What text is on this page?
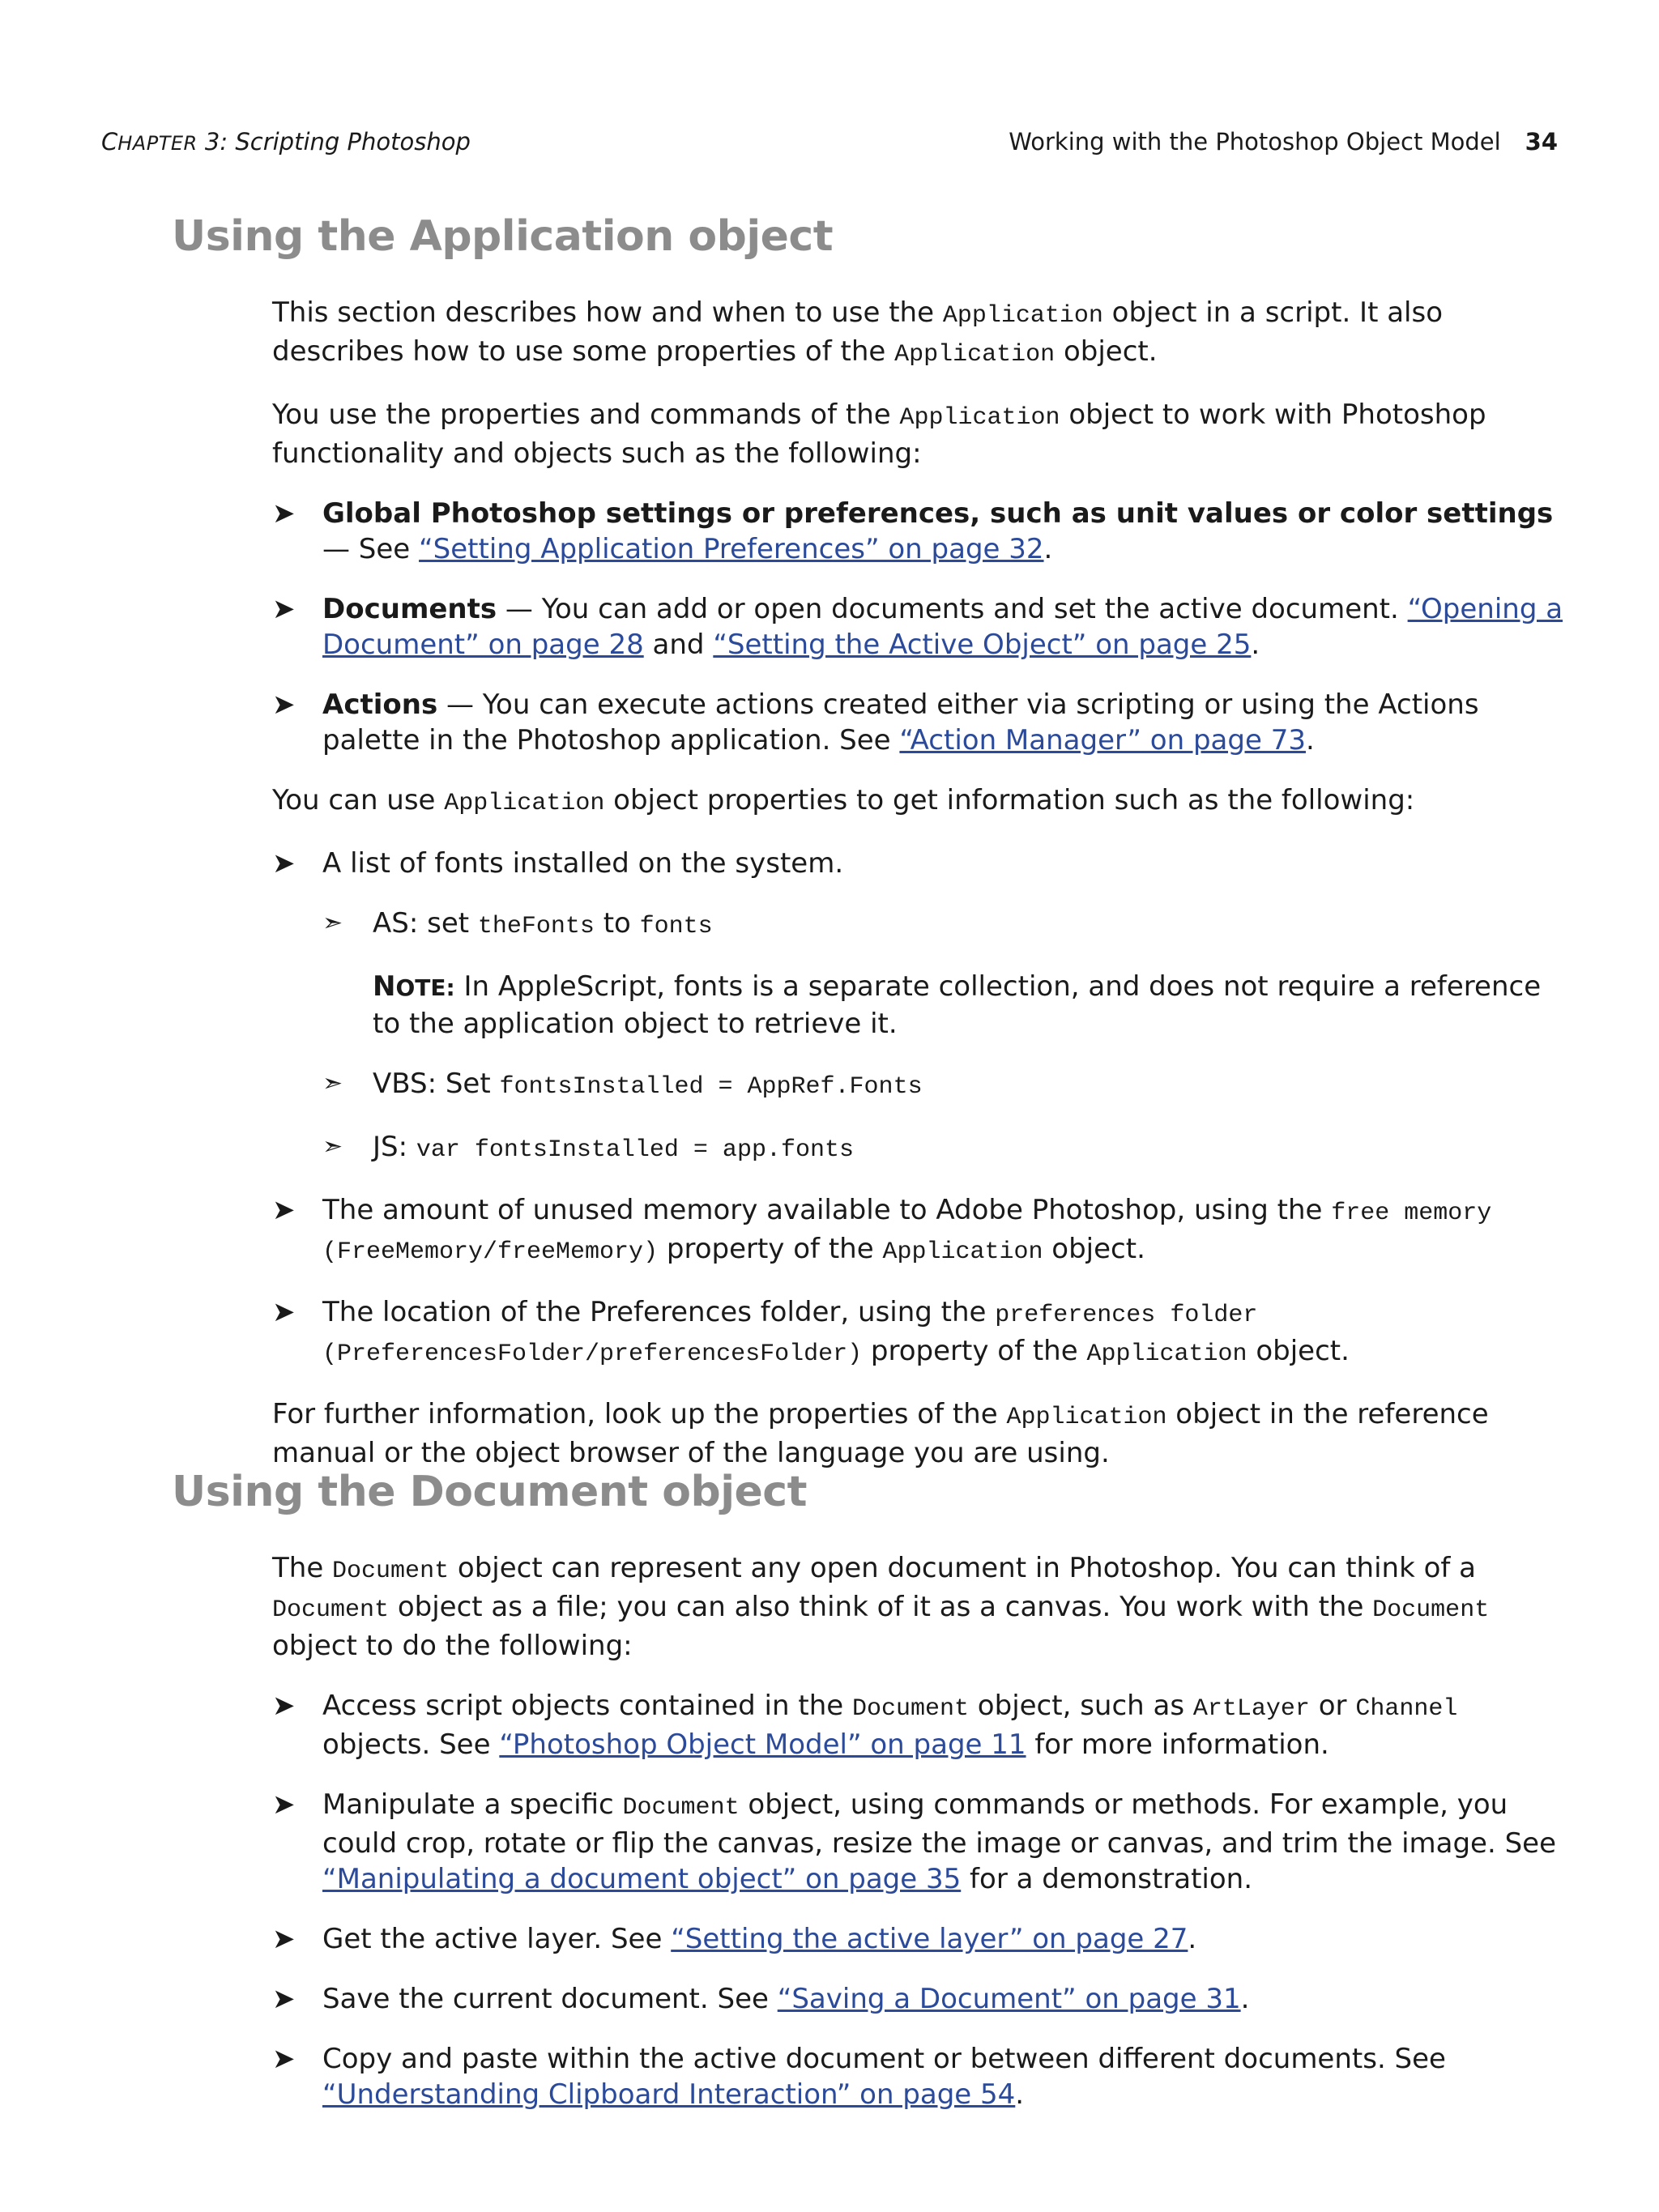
CHAPTER 3: Scripting Photoshop	Working with the Photoshop Object Model 34
Using the Application object

This section describes how and when to use the Application object in a script. It also describes how to use some properties of the Application object.

You use the properties and commands of the Application object to work with Photoshop functionality and objects such as the following:

➤ Global Photoshop settings or preferences, such as unit values or color settings — See “Setting Application Preferences” on page 32.
➤ Documents — You can add or open documents and set the active document. “Opening a Document” on page 28 and “Setting the Active Object” on page 25.
➤ Actions — You can execute actions created either via scripting or using the Actions palette in the Photoshop application. See “Action Manager” on page 73.

You can use Application object properties to get information such as the following:

➤ A list of fonts installed on the system.
➣ AS: set theFonts to fonts
NOTE: In AppleScript, fonts is a separate collection, and does not require a reference to the application object to retrieve it.
➣ VBS: Set fontsInstalled = AppRef.Fonts
➣ JS: var fontsInstalled = app.fonts
➤ The amount of unused memory available to Adobe Photoshop, using the free memory (FreeMemory/freeMemory) property of the Application object.
➤ The location of the Preferences folder, using the preferences folder (PreferencesFolder/preferencesFolder) property of the Application object.

For further information, look up the properties of the Application object in the reference manual or the object browser of the language you are using.

Using the Document object

The Document object can represent any open document in Photoshop. You can think of a Document object as a file; you can also think of it as a canvas. You work with the Document object to do the following:

➤ Access script objects contained in the Document object, such as ArtLayer or Channel objects. See “Photoshop Object Model” on page 11 for more information.
➤ Manipulate a specific Document object, using commands or methods. For example, you could crop, rotate or flip the canvas, resize the image or canvas, and trim the image. See “Manipulating a document object” on page 35 for a demonstration.
➤ Get the active layer. See “Setting the active layer” on page 27.
➤ Save the current document. See “Saving a Document” on page 31.
➤ Copy and paste within the active document or between different documents. See “Understanding Clipboard Interaction” on page 54.
